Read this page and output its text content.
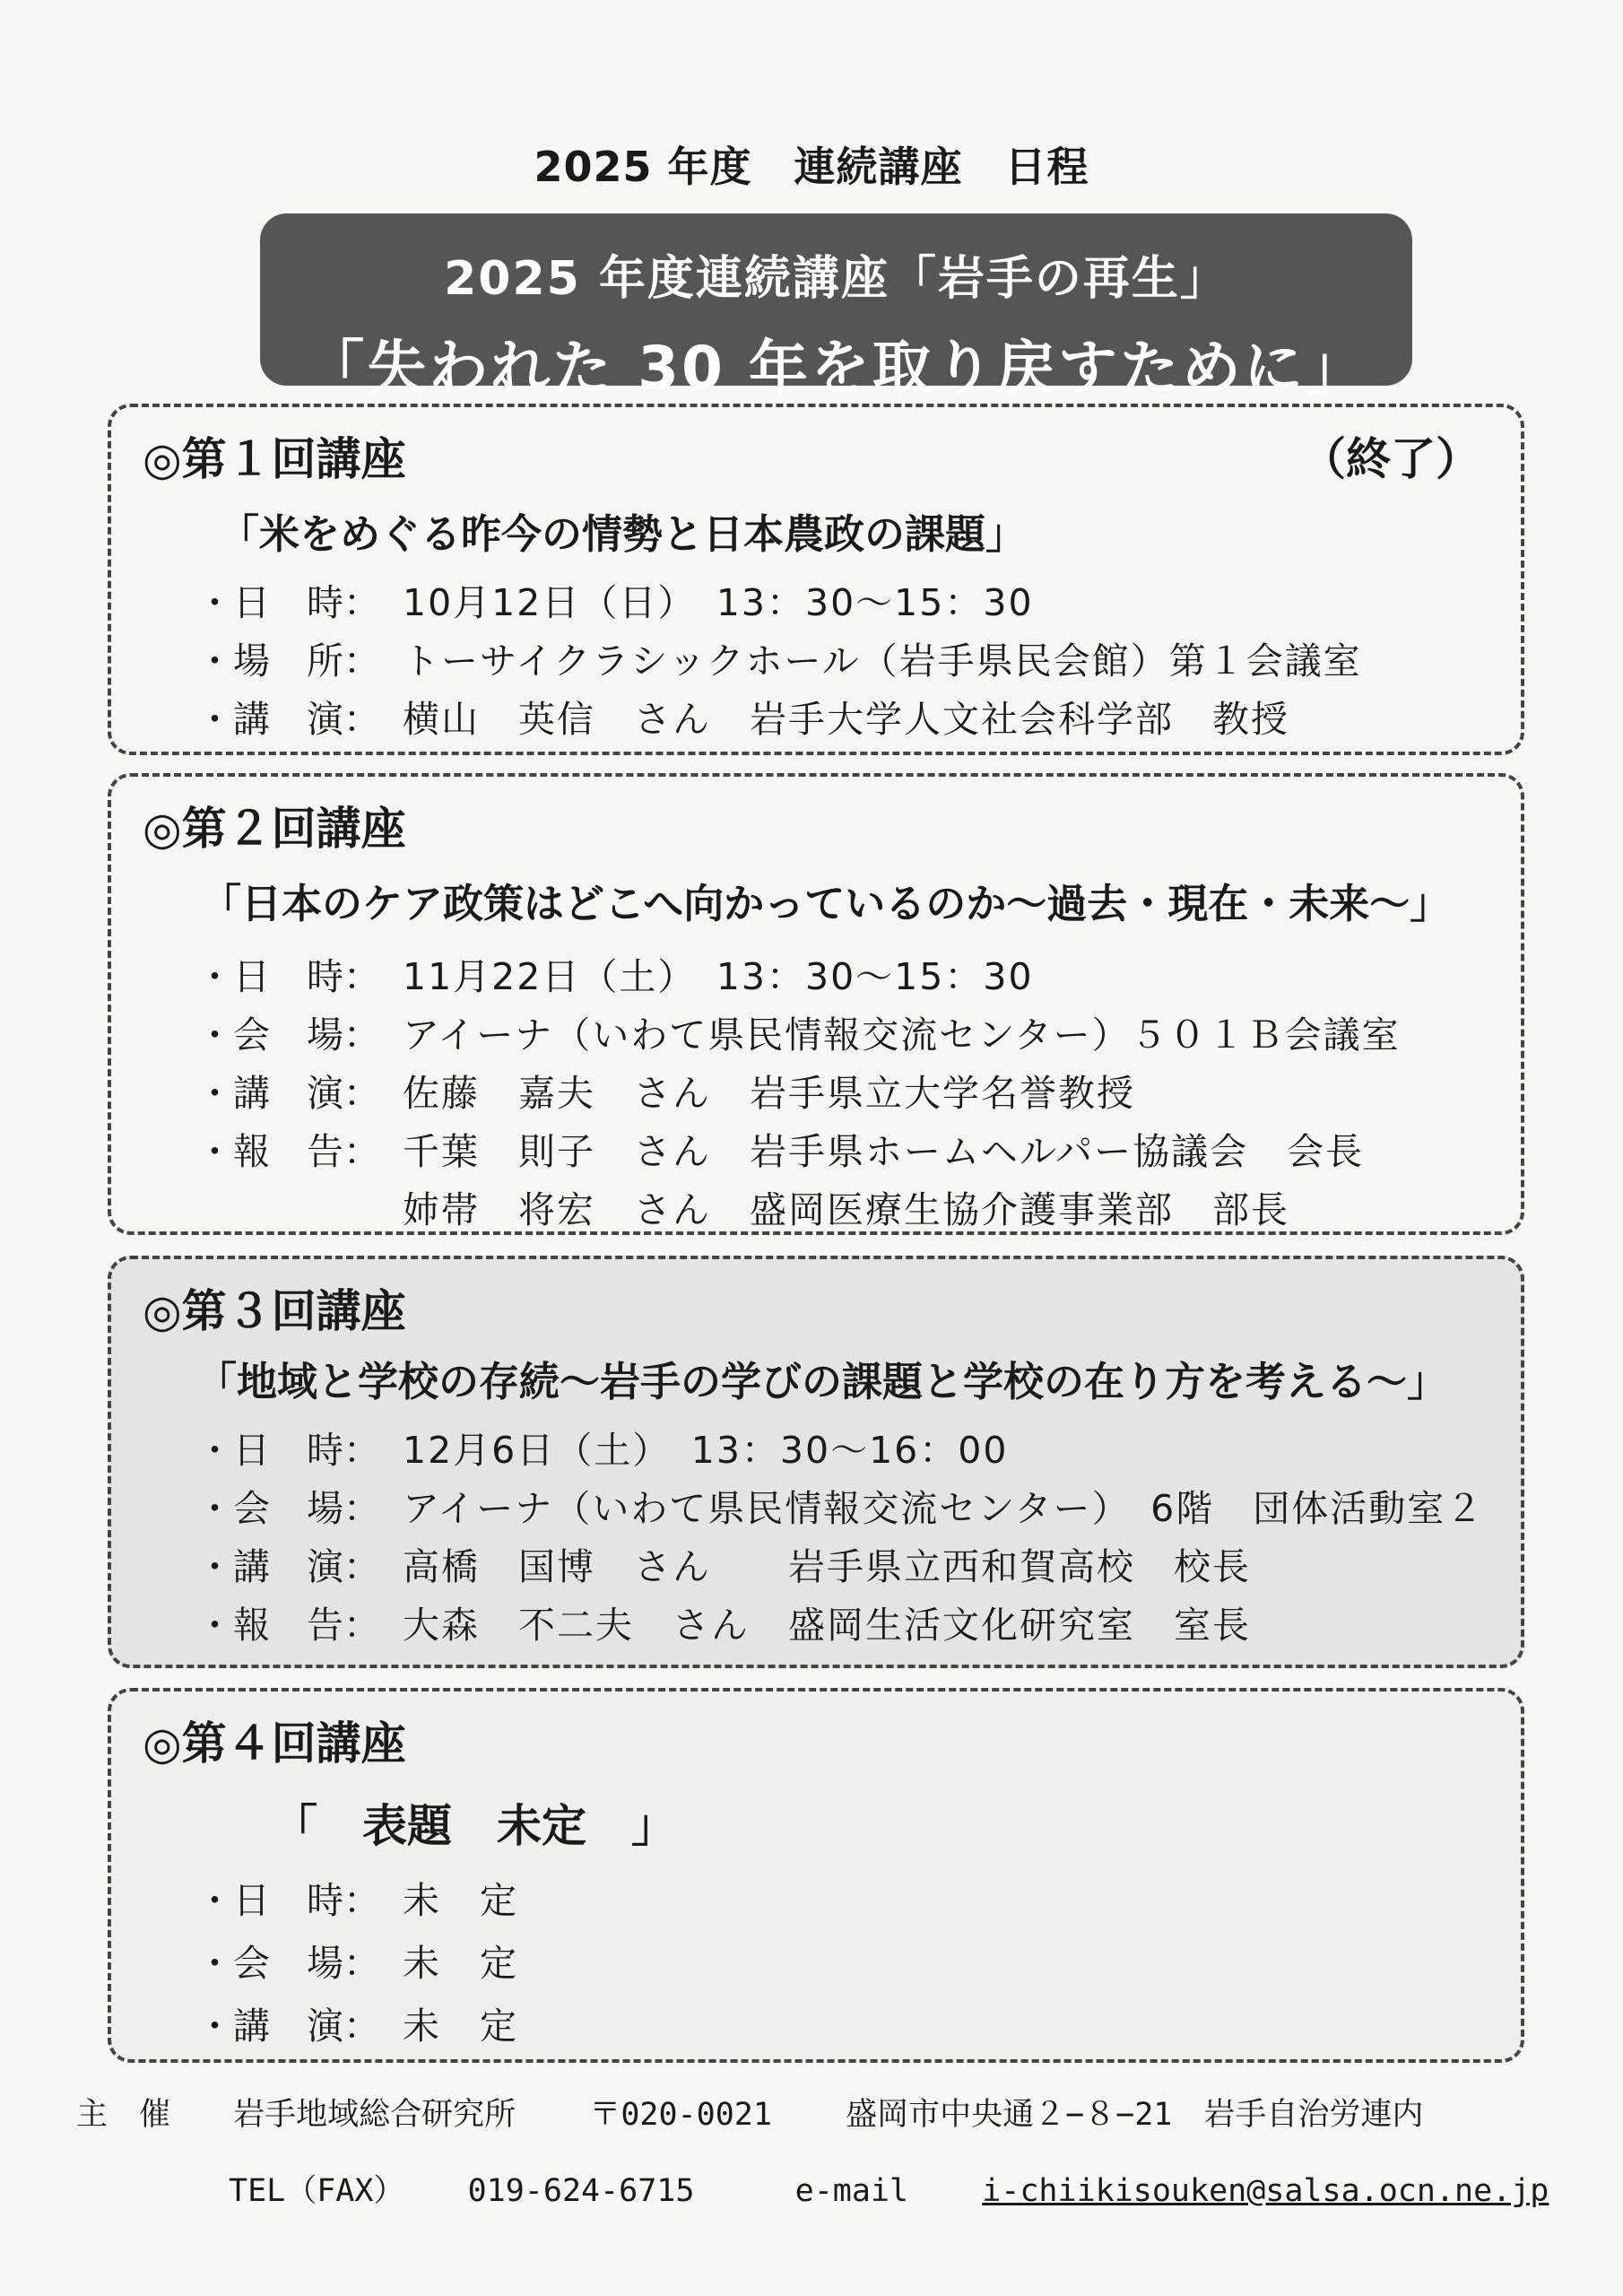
2025 年度　連続講座　日程
2025 年度連続講座「岩手の再生」
「失われた 30 年を取り戻すために」
◎第１回講座	（終了）
「米をめぐる昨今の情勢と日本農政の課題」
・日　時： 10月12日（日）　13：30〜15：30
・場　所： トーサイクラシックホール（岩手県民会館）第１会議室
・講　演： 横山　英信　さん　岩手大学人文社会科学部　教授
◎第２回講座
「日本のケア政策はどこへ向かっているのか〜過去・現在・未来〜」
・日　時： 11月22日（土）　13：30〜15：30
・会　場： アイーナ（いわて県民情報交流センター）５０１Ｂ会議室
・講　演： 佐藤　嘉夫　さん　岩手県立大学名誉教授
・報　告： 千葉　則子　さん　岩手県ホームヘルパー協議会　会長
姉帯　将宏　さん　盛岡医療生協介護事業部　部長
◎第３回講座
「地域と学校の存続〜岩手の学びの課題と学校の在り方を考える〜」
・日　時： 12月6日（土）　13：30〜16：00
・会　場： アイーナ（いわて県民情報交流センター）　6階　団体活動室２
・講　演： 高橋　国博　さん　　岩手県立西和賀高校　校長
・報　告： 大森　不二夫　さん　盛岡生活文化研究室　室長
◎第４回講座
「　表題　未定　」
・日　時： 未　定
・会　場： 未　定
・講　演： 未　定
主　催 岩手地域総合研究所 〒020-0021 盛岡市中央通２−８−21　岩手自治労連内
TEL（FAX） 019-624-6715	e-mail i-chiikisouken@salsa.ocn.ne.jp
